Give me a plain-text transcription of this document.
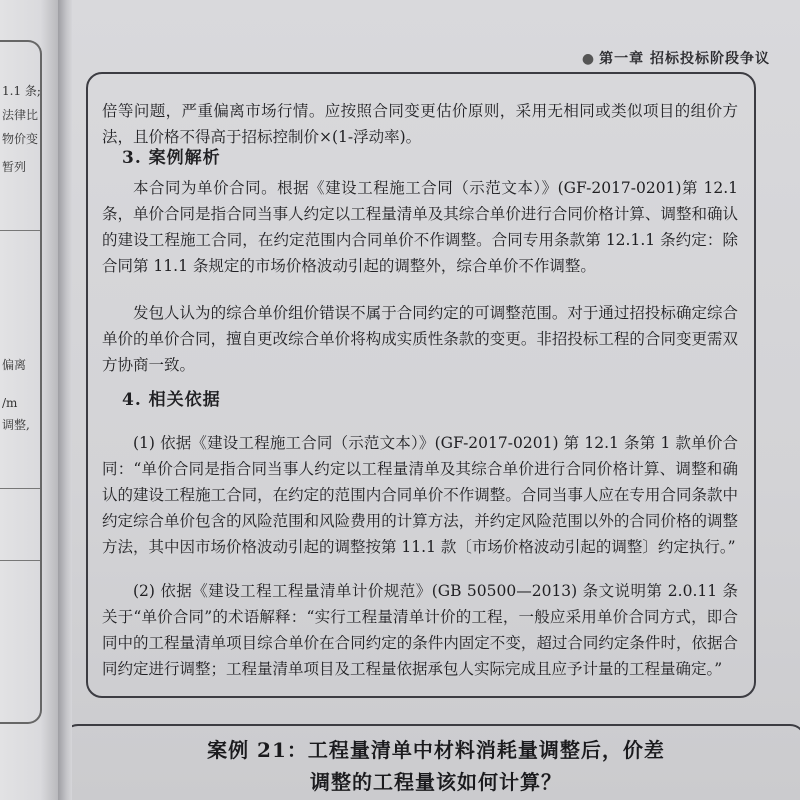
1.1 条;
法律比
物价变
暂列
偏离
/m
调整,
● 第一章 招标投标阶段争议

倍等问题，严重偏离市场行情。应按照合同变更估价原则，采用无相同或类似项目的组价方法，且价格不得高于招标控制价×(1-浮动率)。

3. 案例解析

本合同为单价合同。根据《建设工程施工合同（示范文本）》(GF-2017-0201)第 12.1 条，单价合同是指合同当事人约定以工程量清单及其综合单价进行合同价格计算、调整和确认的建设工程施工合同，在约定范围内合同单价不作调整。合同专用条款第 12.1.1 条约定：除合同第 11.1 条规定的市场价格波动引起的调整外，综合单价不作调整。

发包人认为的综合单价组价错误不属于合同约定的可调整范围。对于通过招投标确定综合单价的单价合同，擅自更改综合单价将构成实质性条款的变更。非招投标工程的合同变更需双方协商一致。

4. 相关依据

(1) 依据《建设工程施工合同（示范文本）》(GF-2017-0201) 第 12.1 条第 1 款单价合同：“单价合同是指合同当事人约定以工程量清单及其综合单价进行合同价格计算、调整和确认的建设工程施工合同，在约定的范围内合同单价不作调整。合同当事人应在专用合同条款中约定综合单价包含的风险范围和风险费用的计算方法，并约定风险范围以外的合同价格的调整方法，其中因市场价格波动引起的调整按第 11.1 款〔市场价格波动引起的调整〕约定执行。”

(2) 依据《建设工程工程量清单计价规范》(GB 50500—2013) 条文说明第 2.0.11 条关于“单价合同”的术语解释：“实行工程量清单计价的工程，一般应采用单价合同方式，即合同中的工程量清单项目综合单价在合同约定的条件内固定不变，超过合同约定条件时，依据合同约定进行调整；工程量清单项目及工程量依据承包人实际完成且应予计量的工程量确定。”

案例 21：工程量清单中材料消耗量调整后，价差
调整的工程量该如何计算？
